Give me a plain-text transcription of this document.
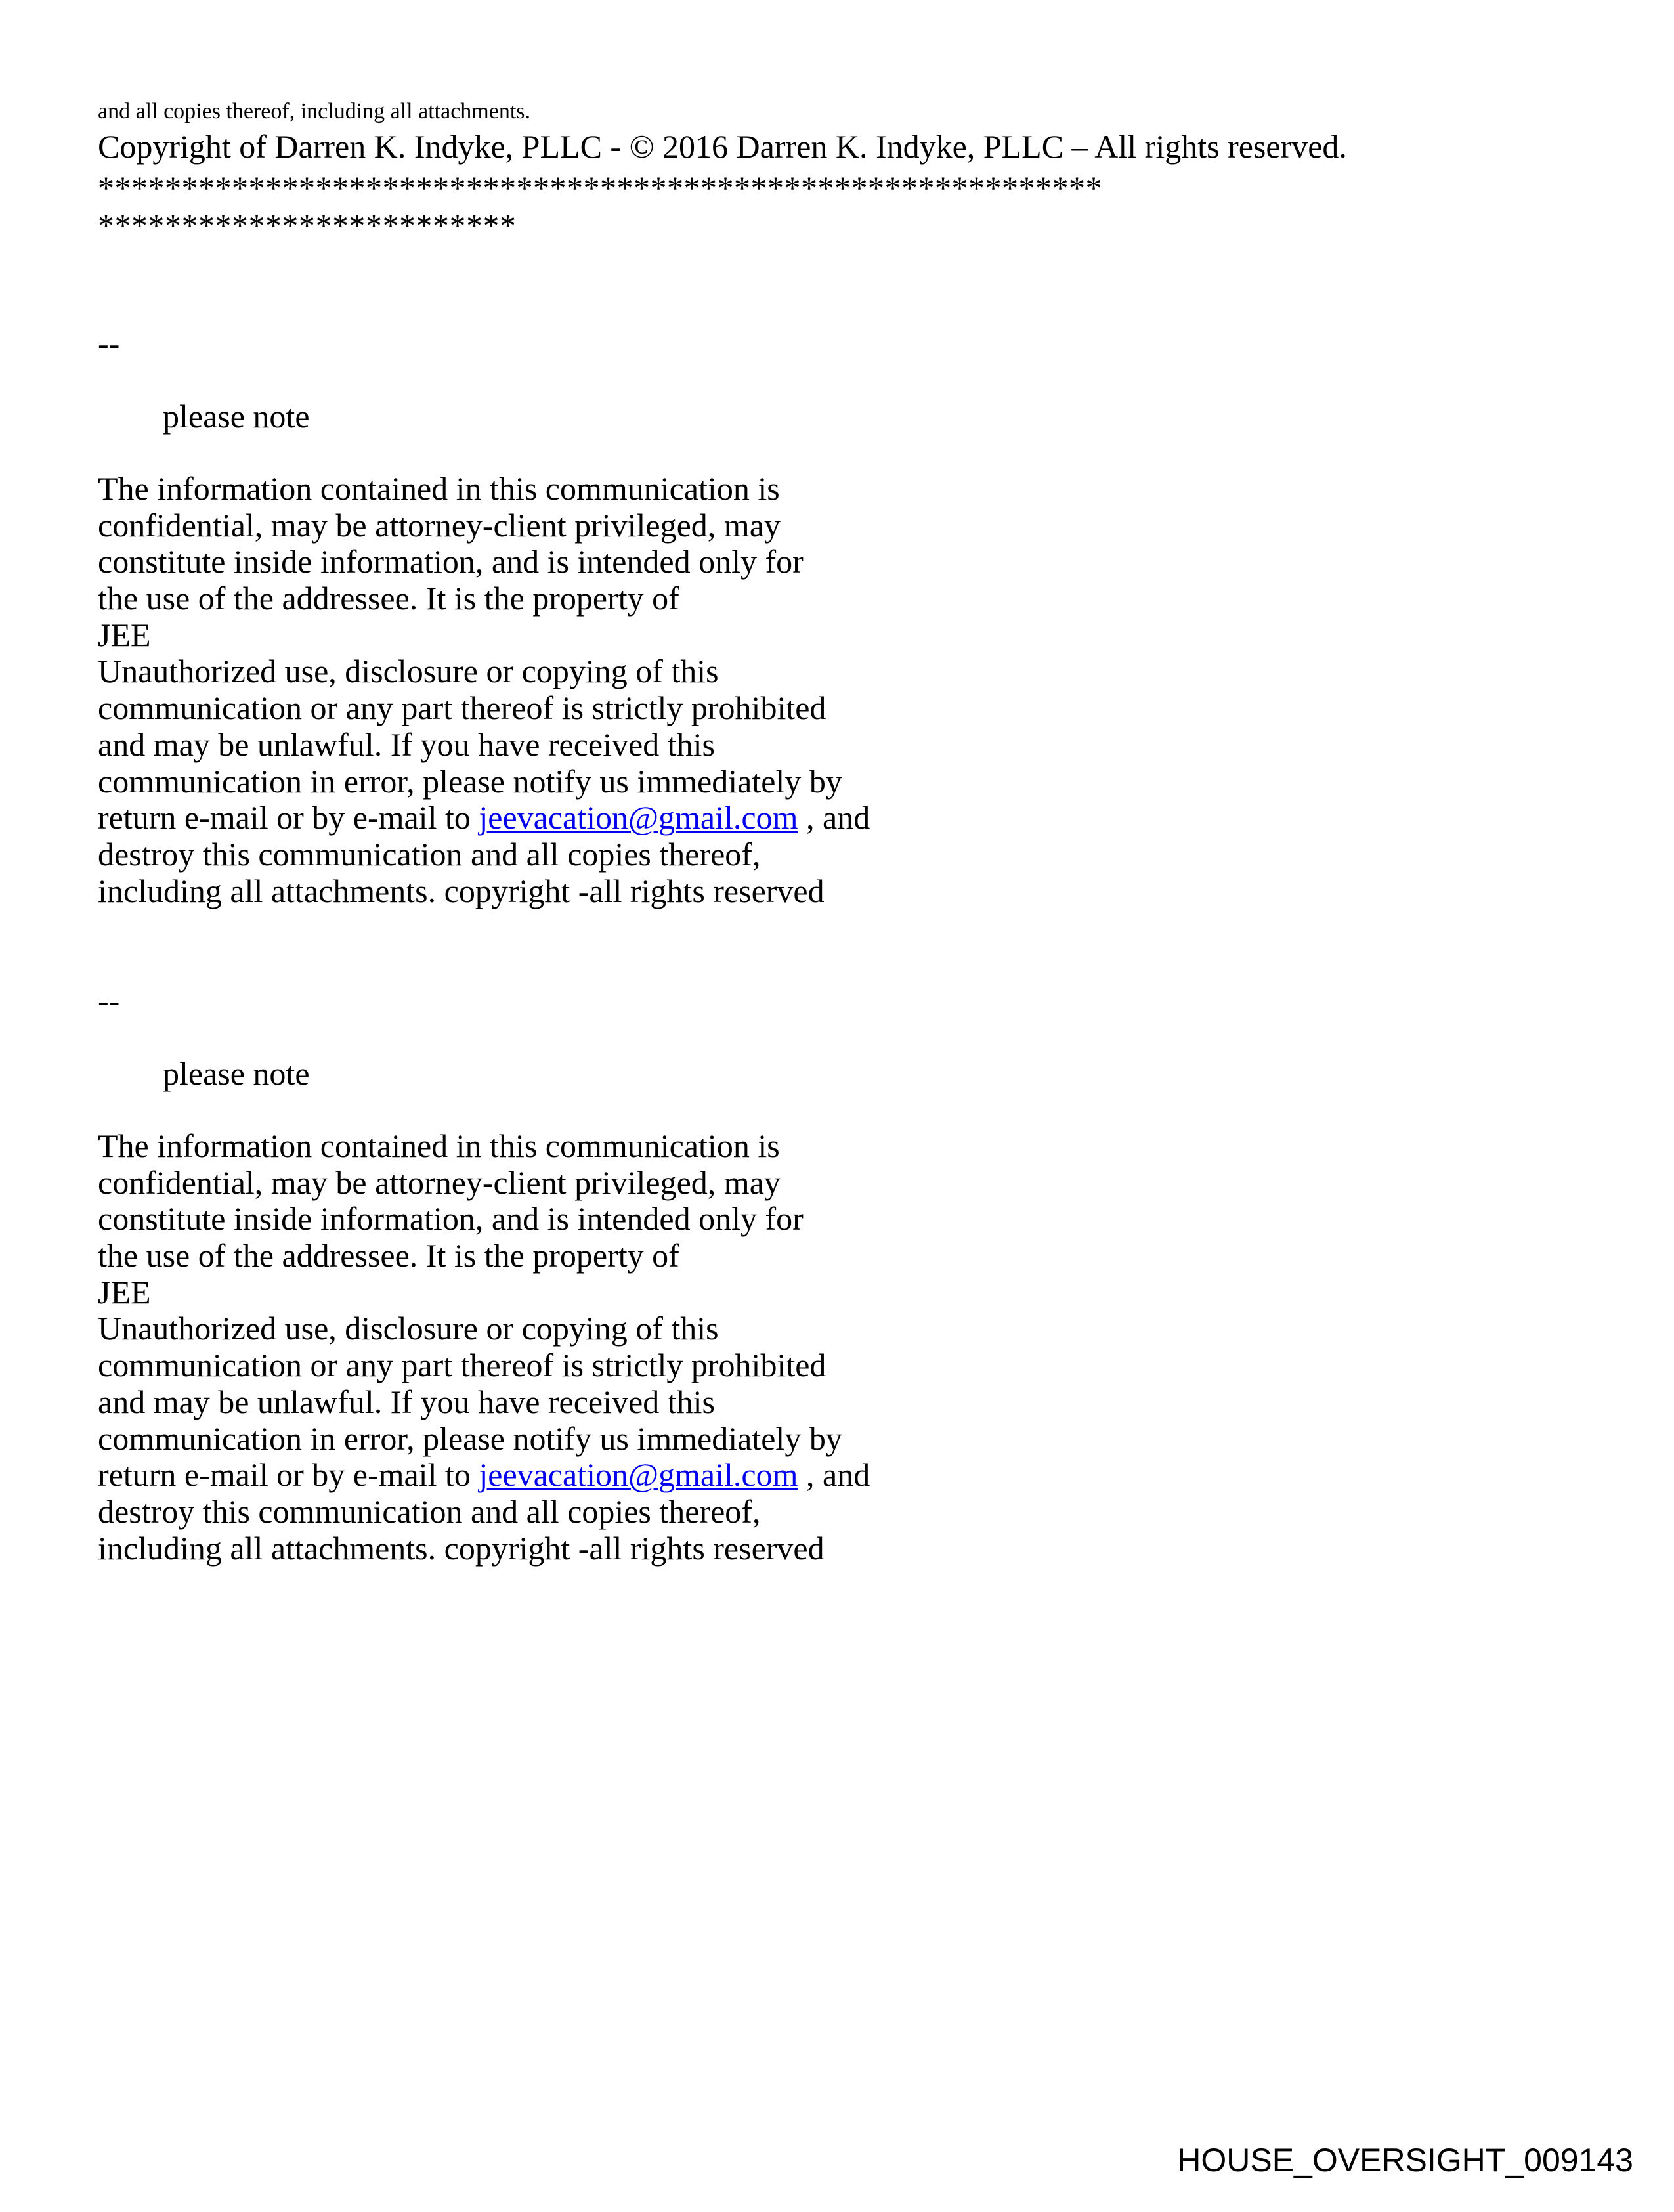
and all copies thereof, including all attachments.
Copyright of Darren K. Indyke, PLLC - © 2016 Darren K. Indyke, PLLC – All rights reserved.
************************************************************
*************************
--
please note
The information contained in this communication is
confidential, may be attorney-client privileged, may
constitute inside information, and is intended only for
the use of the addressee. It is the property of
JEE
Unauthorized use, disclosure or copying of this
communication or any part thereof is strictly prohibited
and may be unlawful. If you have received this
communication in error, please notify us immediately by
return e-mail or by e-mail to jeevacation@gmail.com , and
destroy this communication and all copies thereof,
including all attachments. copyright -all rights reserved
--
please note
The information contained in this communication is
confidential, may be attorney-client privileged, may
constitute inside information, and is intended only for
the use of the addressee. It is the property of
JEE
Unauthorized use, disclosure or copying of this
communication or any part thereof is strictly prohibited
and may be unlawful. If you have received this
communication in error, please notify us immediately by
return e-mail or by e-mail to jeevacation@gmail.com , and
destroy this communication and all copies thereof,
including all attachments. copyright -all rights reserved
HOUSE_OVERSIGHT_009143
